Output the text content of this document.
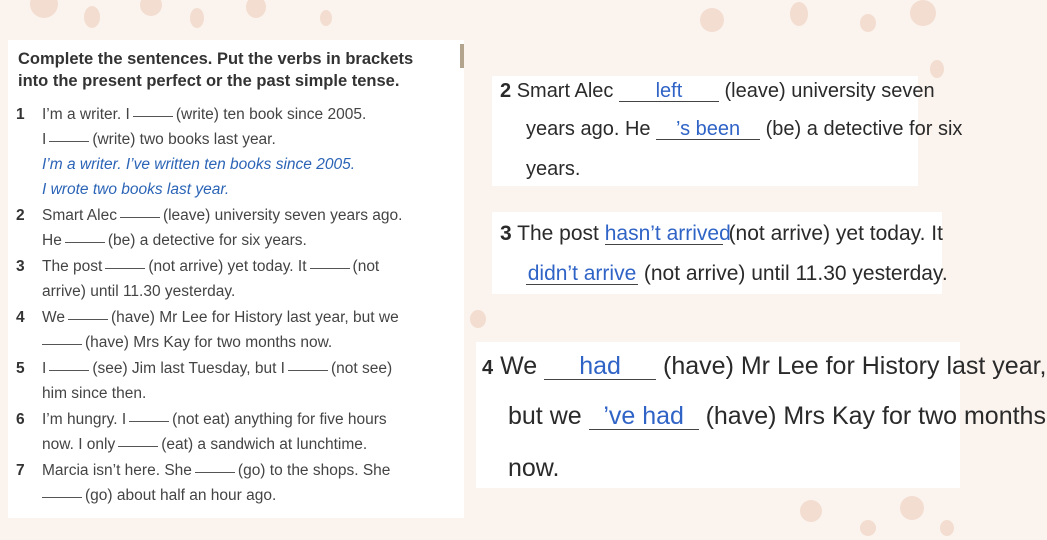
Complete the sentences. Put the verbs in brackets
into the present perfect or the past simple tense.

1 I’m a writer. I	(write) ten book since 2005.
I	(write) two books last year.
I’m a writer. I’ve written ten books since 2005.
I wrote two books last year.
2 Smart Alec	(leave) university seven years ago.
He	(be) a detective for six years.
3 The post	(not arrive) yet today. It	(not
arrive) until 11.30 yesterday.
4 We	(have) Mr Lee for History last year, but we
(have) Mrs Kay for two months now.
5 I	(see) Jim last Tuesday, but I	(not see)
him since then.
6 I’m hungry. I	(not eat) anything for five hours
now. I only	(eat) a sandwich at lunchtime.
7 Marcia isn’t here. She	(go) to the shops. She
(go) about half an hour ago.
2 Smart Alec left (leave) university seven
years ago. He ’s been (be) a detective for six
years.
3 The post hasn’t arrived (not arrive) yet today. It
didn’t arrive (not arrive) until 11.30 yesterday.
4 We had (have) Mr Lee for History last year,
but we ’ve had (have) Mrs Kay for two months
now.
